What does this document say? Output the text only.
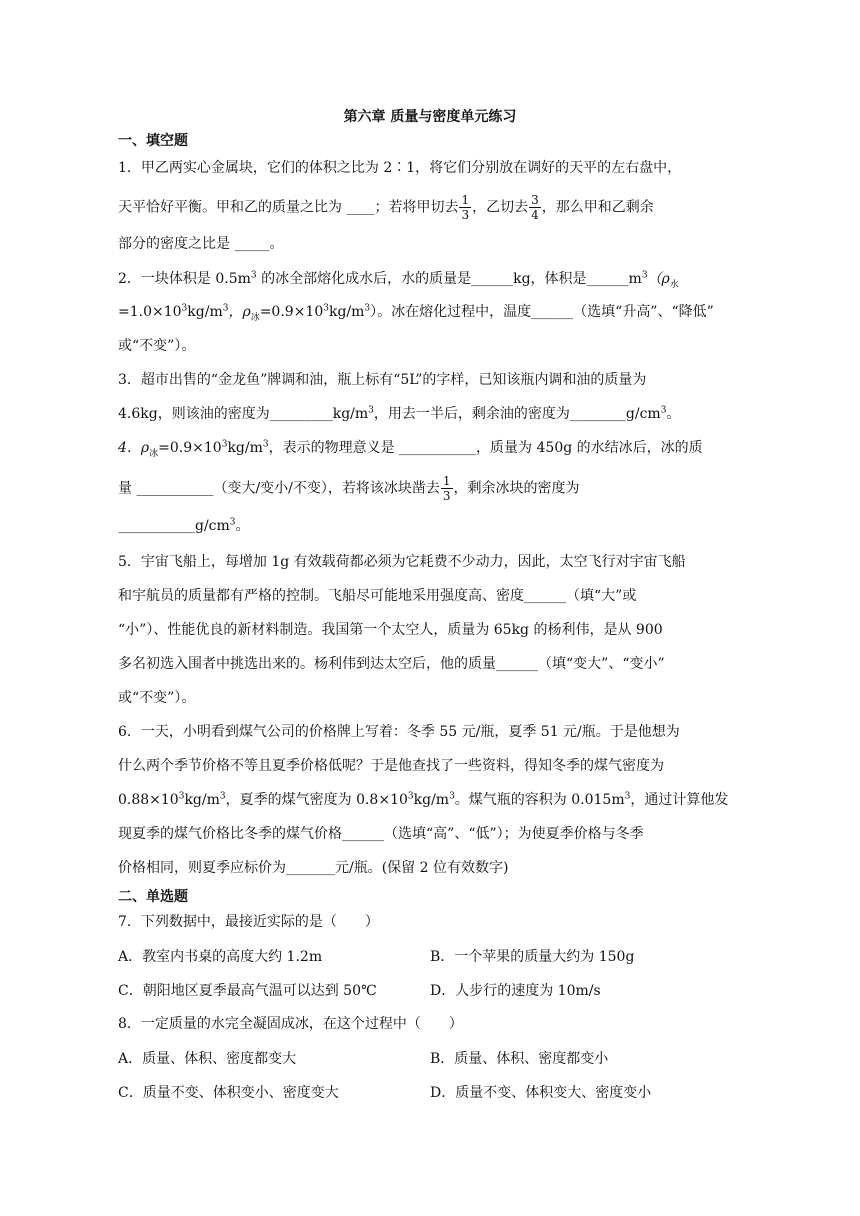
第六章 质量与密度单元练习
一、填空题
1．甲乙两实心金属块，它们的体积之比为 2∶1，将它们分别放在调好的天平的左右盘中，
天平恰好平衡。甲和乙的质量之比为 ____；若将甲切去 $\frac{1}{3}$ ，乙切去 $\frac{3}{4}$ ，那么甲和乙剩余
部分的密度之比是 _____。
2．一块体积是 $0.5m^3$ 的冰全部熔化成水后，水的质量是______kg，体积是$\_\_\_\_\_\_m^3(\rho_水$
$=1.0\times 10^3kg/m^3$，$\rho_冰=0.9\times 10^3kg/m^3$）。冰在熔化过程中，温度______（选填“升高”、“降低”
或“不变”）。
3．超市出售的“金龙鱼”牌调和油，瓶上标有“5L”的字样，已知该瓶内调和油的质量为
4.6kg，则该油的密度为$\_\_\_\_\_\_\_\_\_kg/m^3$，用去一半后，剩余油的密度为$\_\_\_\_\_\_\_\_g/cm^3$。
4．$\rho_冰=0.9\times 10^3kg/m^3$，表示的物理意义是 ___________，质量为 450g 的水结冰后，冰的质
量 ___________（变大/变小/不变），若将该冰块凿去 $\frac{1}{3}$ ，剩余冰块的密度为
$\_\_\_\_\_\_\_\_\_\_\_g/cm^3$。
5．宇宙飞船上，每增加 1g 有效载荷都必须为它耗费不少动力，因此，太空飞行对宇宙飞船
和宇航员的质量都有严格的控制。飞船尽可能地采用强度高、密度______（填“大”或
“小”）、性能优良的新材料制造。我国第一个太空人，质量为 65kg 的杨利伟，是从 900
多名初选入围者中挑选出来的。杨利伟到达太空后，他的质量______（填“变大”、“变小”
或“不变”）。
6．一天，小明看到煤气公司的价格牌上写着：冬季 55 元/瓶，夏季 51 元/瓶。于是他想为
什么两个季节价格不等且夏季价格低呢？于是他查找了一些资料，得知冬季的煤气密度为
$0.88\times 10^3kg/m^3$，夏季的煤气密度为 $0.8\times 10^3kg/m^3$。煤气瓶的容积为 $0.015m^3$，通过计算他发
现夏季的煤气价格比冬季的煤气价格______（选填“高”、“低”）；为使夏季价格与冬季
价格相同，则夏季应标价为_______元/瓶。(保留 2 位有效数字)
二、单选题
7．下列数据中，最接近实际的是（　　）
A．教室内书桌的高度大约 1.2m	B．一个苹果的质量大约为 150g
C．朝阳地区夏季最高气温可以达到 50℃	D．人步行的速度为 10m/s
8．一定质量的水完全凝固成冰，在这个过程中（　　）
A．质量、体积、密度都变大	B．质量、体积、密度都变小
C．质量不变、体积变小、密度变大	D．质量不变、体积变大、密度变小
